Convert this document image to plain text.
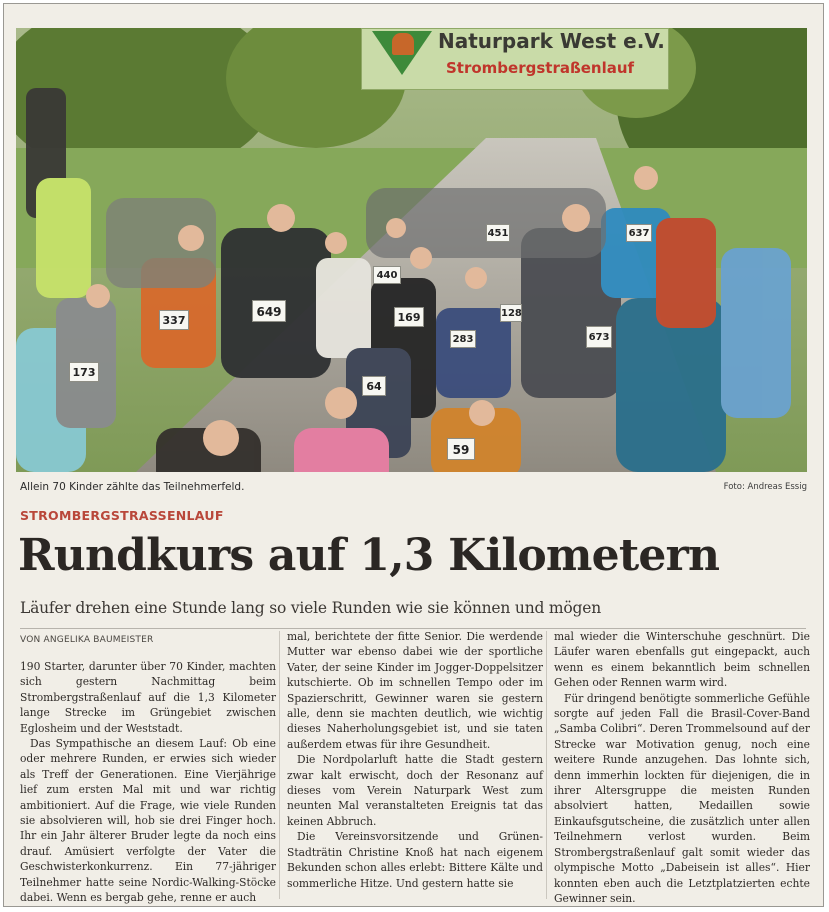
Naturpark West e.V.
Strombergstraßenlauf
649
337
173
169
440
283
64
59
637
673
451
128
Allein 70 Kinder zählte das Teilnehmerfeld.	Foto: Andreas Essig
STROMBERGSTRASSENLAUF
Rundkurs auf 1,3 Kilometern
Läufer drehen eine Stunde lang so viele Runden wie sie können und mögen
VON ANGELIKA BAUMEISTER

190 Starter, darunter über 70 Kinder, machten sich gestern Nachmittag beim Strombergstraßenlauf auf die 1,3 Kilometer lange Strecke im Grüngebiet zwischen Eglosheim und der Weststadt.

Das Sympathische an diesem Lauf: Ob eine oder mehrere Runden, er erwies sich wieder als Treff der Generationen. Eine Vierjährige lief zum ersten Mal mit und war richtig ambitioniert. Auf die Frage, wie viele Runden sie absolvieren will, hob sie drei Finger hoch. Ihr ein Jahr älterer Bruder legte da noch eins drauf. Amüsiert verfolgte der Vater die Geschwisterkonkurrenz. Ein 77-jähriger Teilnehmer hatte seine Nordic-Walking-Stöcke dabei. Wenn es bergab gehe, renne er auch

mal, berichtete der fitte Senior. Die werdende Mutter war ebenso dabei wie der sportliche Vater, der seine Kinder im Jogger-Doppelsitzer kutschierte. Ob im schnellen Tempo oder im Spazierschritt, Gewinner waren sie gestern alle, denn sie machten deutlich, wie wichtig dieses Naherholungsgebiet ist, und sie taten außerdem etwas für ihre Gesundheit.

Die Nordpolarluft hatte die Stadt gestern zwar kalt erwischt, doch der Resonanz auf dieses vom Verein Naturpark West zum neunten Mal veranstalteten Ereignis tat das keinen Abbruch.

Die Vereinsvorsitzende und Grünen-Stadträtin Christine Knoß hat nach eigenem Bekunden schon alles erlebt: Bittere Kälte und sommerliche Hitze. Und gestern hatte sie

mal wieder die Winterschuhe geschnürt. Die Läufer waren ebenfalls gut eingepackt, auch wenn es einem bekanntlich beim schnellen Gehen oder Rennen warm wird.

Für dringend benötigte sommerliche Gefühle sorgte auf jeden Fall die Brasil-Cover-Band „Samba Colibri“. Deren Trommelsound auf der Strecke war Motivation genug, noch eine weitere Runde anzugehen. Das lohnte sich, denn immerhin lockten für diejenigen, die in ihrer Altersgruppe die meisten Runden absolviert hatten, Medaillen sowie Einkaufsgutscheine, die zusätzlich unter allen Teilnehmern verlost wurden. Beim Strombergstraßenlauf galt somit wieder das olympische Motto „Dabeisein ist alles“. Hier konnten eben auch die Letztplatzierten echte Gewinner sein.
